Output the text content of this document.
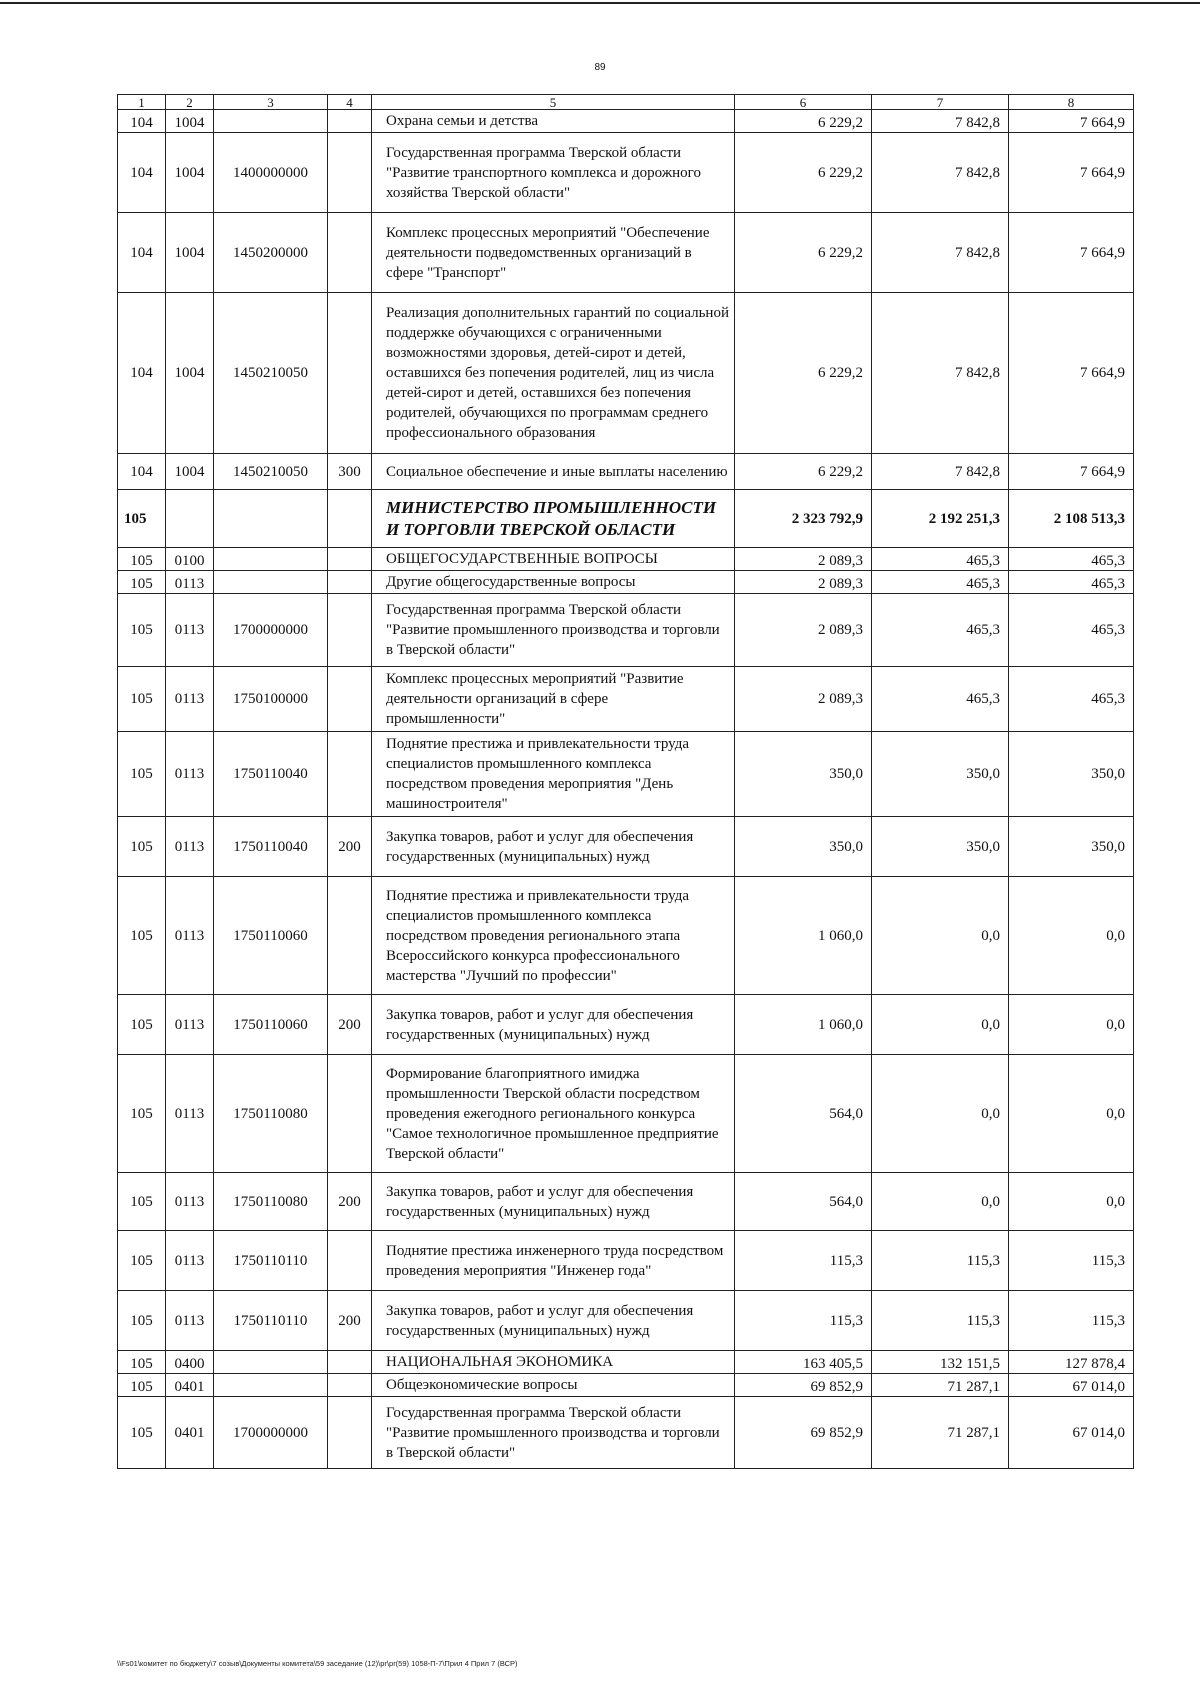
89
1	2	3	4	5	6	7	8
104	1004			Охрана семьи и детства	6 229,2	7 842,8	7 664,9
104	1004	1400000000		Государственная программа Тверской области "Развитие транспортного комплекса и дорожного хозяйства Тверской области"	6 229,2	7 842,8	7 664,9
104	1004	1450200000		Комплекс процессных мероприятий "Обеспечение деятельности подведомственных организаций в сфере "Транспорт"	6 229,2	7 842,8	7 664,9
104	1004	1450210050		Реализация дополнительных гарантий по социальной поддержке обучающихся с ограниченными возможностями здоровья, детей-сирот и детей, оставшихся без попечения родителей, лиц из числа детей-сирот и детей, оставшихся без попечения родителей, обучающихся по программам среднего профессионального образования	6 229,2	7 842,8	7 664,9
104	1004	1450210050	300	Социальное обеспечение и иные выплаты населению	6 229,2	7 842,8	7 664,9
105				МИНИСТЕРСТВО ПРОМЫШЛЕННОСТИ И ТОРГОВЛИ ТВЕРСКОЙ ОБЛАСТИ	2 323 792,9	2 192 251,3	2 108 513,3
105	0100			ОБЩЕГОСУДАРСТВЕННЫЕ ВОПРОСЫ	2 089,3	465,3	465,3
105	0113			Другие общегосударственные вопросы	2 089,3	465,3	465,3
105	0113	1700000000		Государственная программа Тверской области "Развитие промышленного производства и торговли в Тверской области"	2 089,3	465,3	465,3
105	0113	1750100000		Комплекс процессных мероприятий "Развитие деятельности организаций в сфере промышленности"	2 089,3	465,3	465,3
105	0113	1750110040		Поднятие престижа и привлекательности труда специалистов промышленного комплекса посредством проведения мероприятия "День машиностроителя"	350,0	350,0	350,0
105	0113	1750110040	200	Закупка товаров, работ и услуг для обеспечения государственных (муниципальных) нужд	350,0	350,0	350,0
105	0113	1750110060		Поднятие престижа и привлекательности труда специалистов промышленного комплекса посредством проведения регионального этапа Всероссийского конкурса профессионального мастерства "Лучший по профессии"	1 060,0	0,0	0,0
105	0113	1750110060	200	Закупка товаров, работ и услуг для обеспечения государственных (муниципальных) нужд	1 060,0	0,0	0,0
105	0113	1750110080		Формирование благоприятного имиджа промышленности Тверской области посредством проведения ежегодного регионального конкурса "Самое технологичное промышленное предприятие Тверской области"	564,0	0,0	0,0
105	0113	1750110080	200	Закупка товаров, работ и услуг для обеспечения государственных (муниципальных) нужд	564,0	0,0	0,0
105	0113	1750110110		Поднятие престижа инженерного труда посредством проведения мероприятия "Инженер года"	115,3	115,3	115,3
105	0113	1750110110	200	Закупка товаров, работ и услуг для обеспечения государственных (муниципальных) нужд	115,3	115,3	115,3
105	0400			НАЦИОНАЛЬНАЯ ЭКОНОМИКА	163 405,5	132 151,5	127 878,4
105	0401			Общеэкономические вопросы	69 852,9	71 287,1	67 014,0
105	0401	1700000000		Государственная программа Тверской области "Развитие промышленного производства и торговли в Тверской области"	69 852,9	71 287,1	67 014,0
\\Fs01\комитет по бюджету\7 созыв\Документы комитета\59 заседание (12)\pr\pr(59) 1058-П-7\Прил 4 Прил 7 (ВСР)
